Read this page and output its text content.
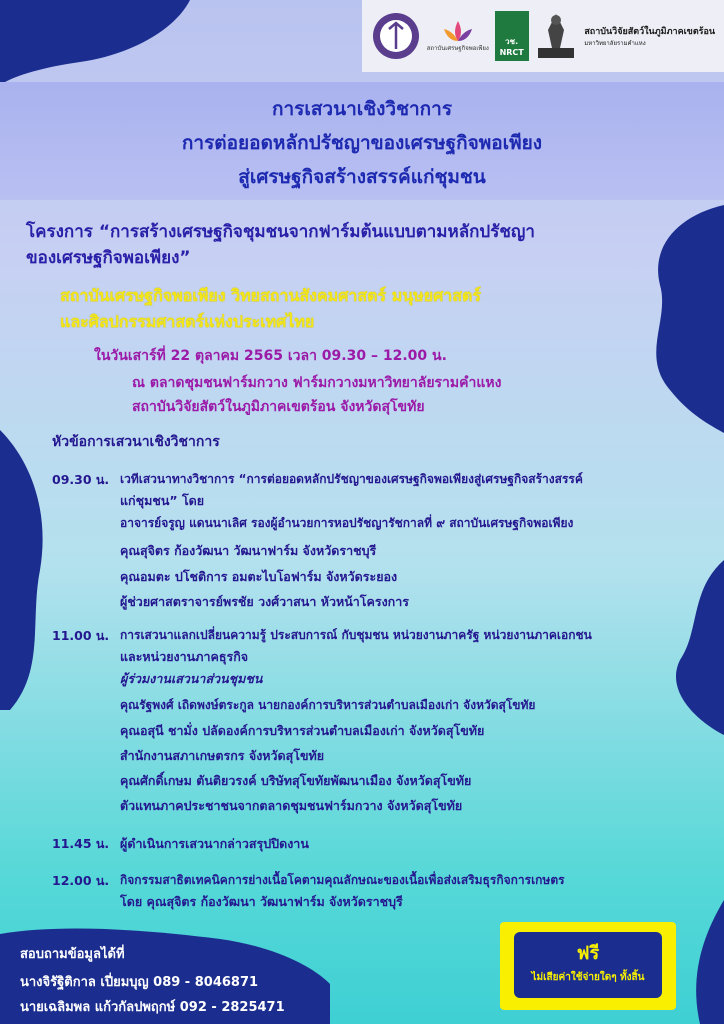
สถาบันเศรษฐกิจพอเพียง
วช. NRCT
สถาบันวิจัยสัตว์ในภูมิภาคเขตร้อน
มหาวิทยาลัยรามคำแหง
การเสวนาเชิงวิชาการ
การต่อยอดหลักปรัชญาของเศรษฐกิจพอเพียง
สู่เศรษฐกิจสร้างสรรค์แก่ชุมชน
โครงการ “การสร้างเศรษฐกิจชุมชนจากฟาร์มต้นแบบตามหลักปรัชญา
ของเศรษฐกิจพอเพียง”
สถาบันเศรษฐกิจพอเพียง วิทยสถานสังคมศาสตร์ มนุษยศาสตร์
และศิลปกรรมศาสตร์แห่งประเทศไทย
ในวันเสาร์ที่ 22 ตุลาคม 2565 เวลา 09.30 – 12.00 น.
ณ ตลาดชุมชนฟาร์มกวาง ฟาร์มกวางมหาวิทยาลัยรามคำแหง
สถาบันวิจัยสัตว์ในภูมิภาคเขตร้อน จังหวัดสุโขทัย
หัวข้อการเสวนาเชิงวิชาการ
09.30 น. เวทีเสวนาทางวิชาการ “การต่อยอดหลักปรัชญาของเศรษฐกิจพอเพียงสู่เศรษฐกิจสร้างสรรค์
แก่ชุมชน” โดย
อาจารย์จรูญ แดนนาเลิศ รองผู้อำนวยการหอปรัชญารัชกาลที่ ๙ สถาบันเศรษฐกิจพอเพียง
คุณสุจิตร ก้องวัฒนา วัฒนาฟาร์ม จังหวัดราชบุรี
คุณอมตะ ปโชติการ อมตะไบโอฟาร์ม จังหวัดระยอง
ผู้ช่วยศาสตราจารย์พรชัย วงศ์วาสนา หัวหน้าโครงการ
11.00 น. การเสวนาแลกเปลี่ยนความรู้ ประสบการณ์ กับชุมชน หน่วยงานภาครัฐ หน่วยงานภาคเอกชน
และหน่วยงานภาคธุรกิจ
ผู้ร่วมงานเสวนาส่วนชุมชน
คุณรัฐพงศ์ เถิดพงษ์ตระกูล นายกองค์การบริหารส่วนตำบลเมืองเก่า จังหวัดสุโขทัย
คุณอสุนี ชามั่ง ปลัดองค์การบริหารส่วนตำบลเมืองเก่า จังหวัดสุโขทัย
สำนักงานสภาเกษตรกร จังหวัดสุโขทัย
คุณศักดิ์เกษม ตันติยวรงค์ บริษัทสุโขทัยพัฒนาเมือง จังหวัดสุโขทัย
ตัวแทนภาคประชาชนจากตลาดชุมชนฟาร์มกวาง จังหวัดสุโขทัย
11.45 น. ผู้ดำเนินการเสวนากล่าวสรุปปิดงาน
12.00 น. กิจกรรมสาธิตเทคนิคการย่างเนื้อโคตามคุณลักษณะของเนื้อเพื่อส่งเสริมธุรกิจการเกษตร
โดย คุณสุจิตร ก้องวัฒนา วัฒนาฟาร์ม จังหวัดราชบุรี
สอบถามข้อมูลได้ที่
นางจิรัฐิติกาล เปี่ยมบุญ 089 - 8046871
นายเฉลิมพล แก้วกัลปพฤกษ์ 092 - 2825471
ฟรี
ไม่เสียค่าใช้จ่ายใดๆ ทั้งสิ้น
